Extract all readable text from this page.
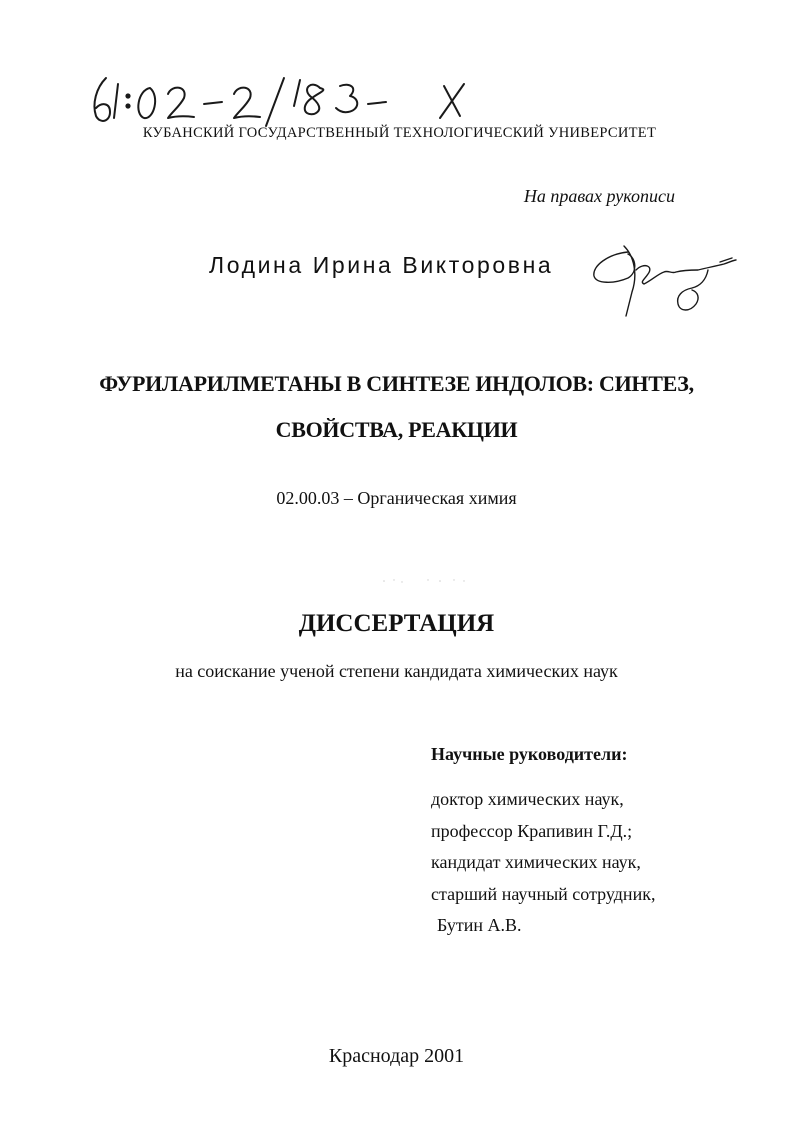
КУБАНСКИЙ ГОСУДАРСТВЕННЫЙ ТЕХНОЛОГИЧЕСКИЙ УНИВЕРСИТЕТ
На правах рукописи
Лодина Ирина Викторовна
ФУРИЛАРИЛМЕТАНЫ В СИНТЕЗЕ ИНДОЛОВ: СИНТЕЗ,
СВОЙСТВА, РЕАКЦИИ
02.00.03 – Органическая химия
ДИССЕРТАЦИЯ
на соискание ученой степени кандидата химических наук
Научные руководители:
доктор химических наук,
профессор Крапивин Г.Д.;
кандидат химических наук,
старший научный сотрудник,
Бутин А.В.
Краснодар 2001
